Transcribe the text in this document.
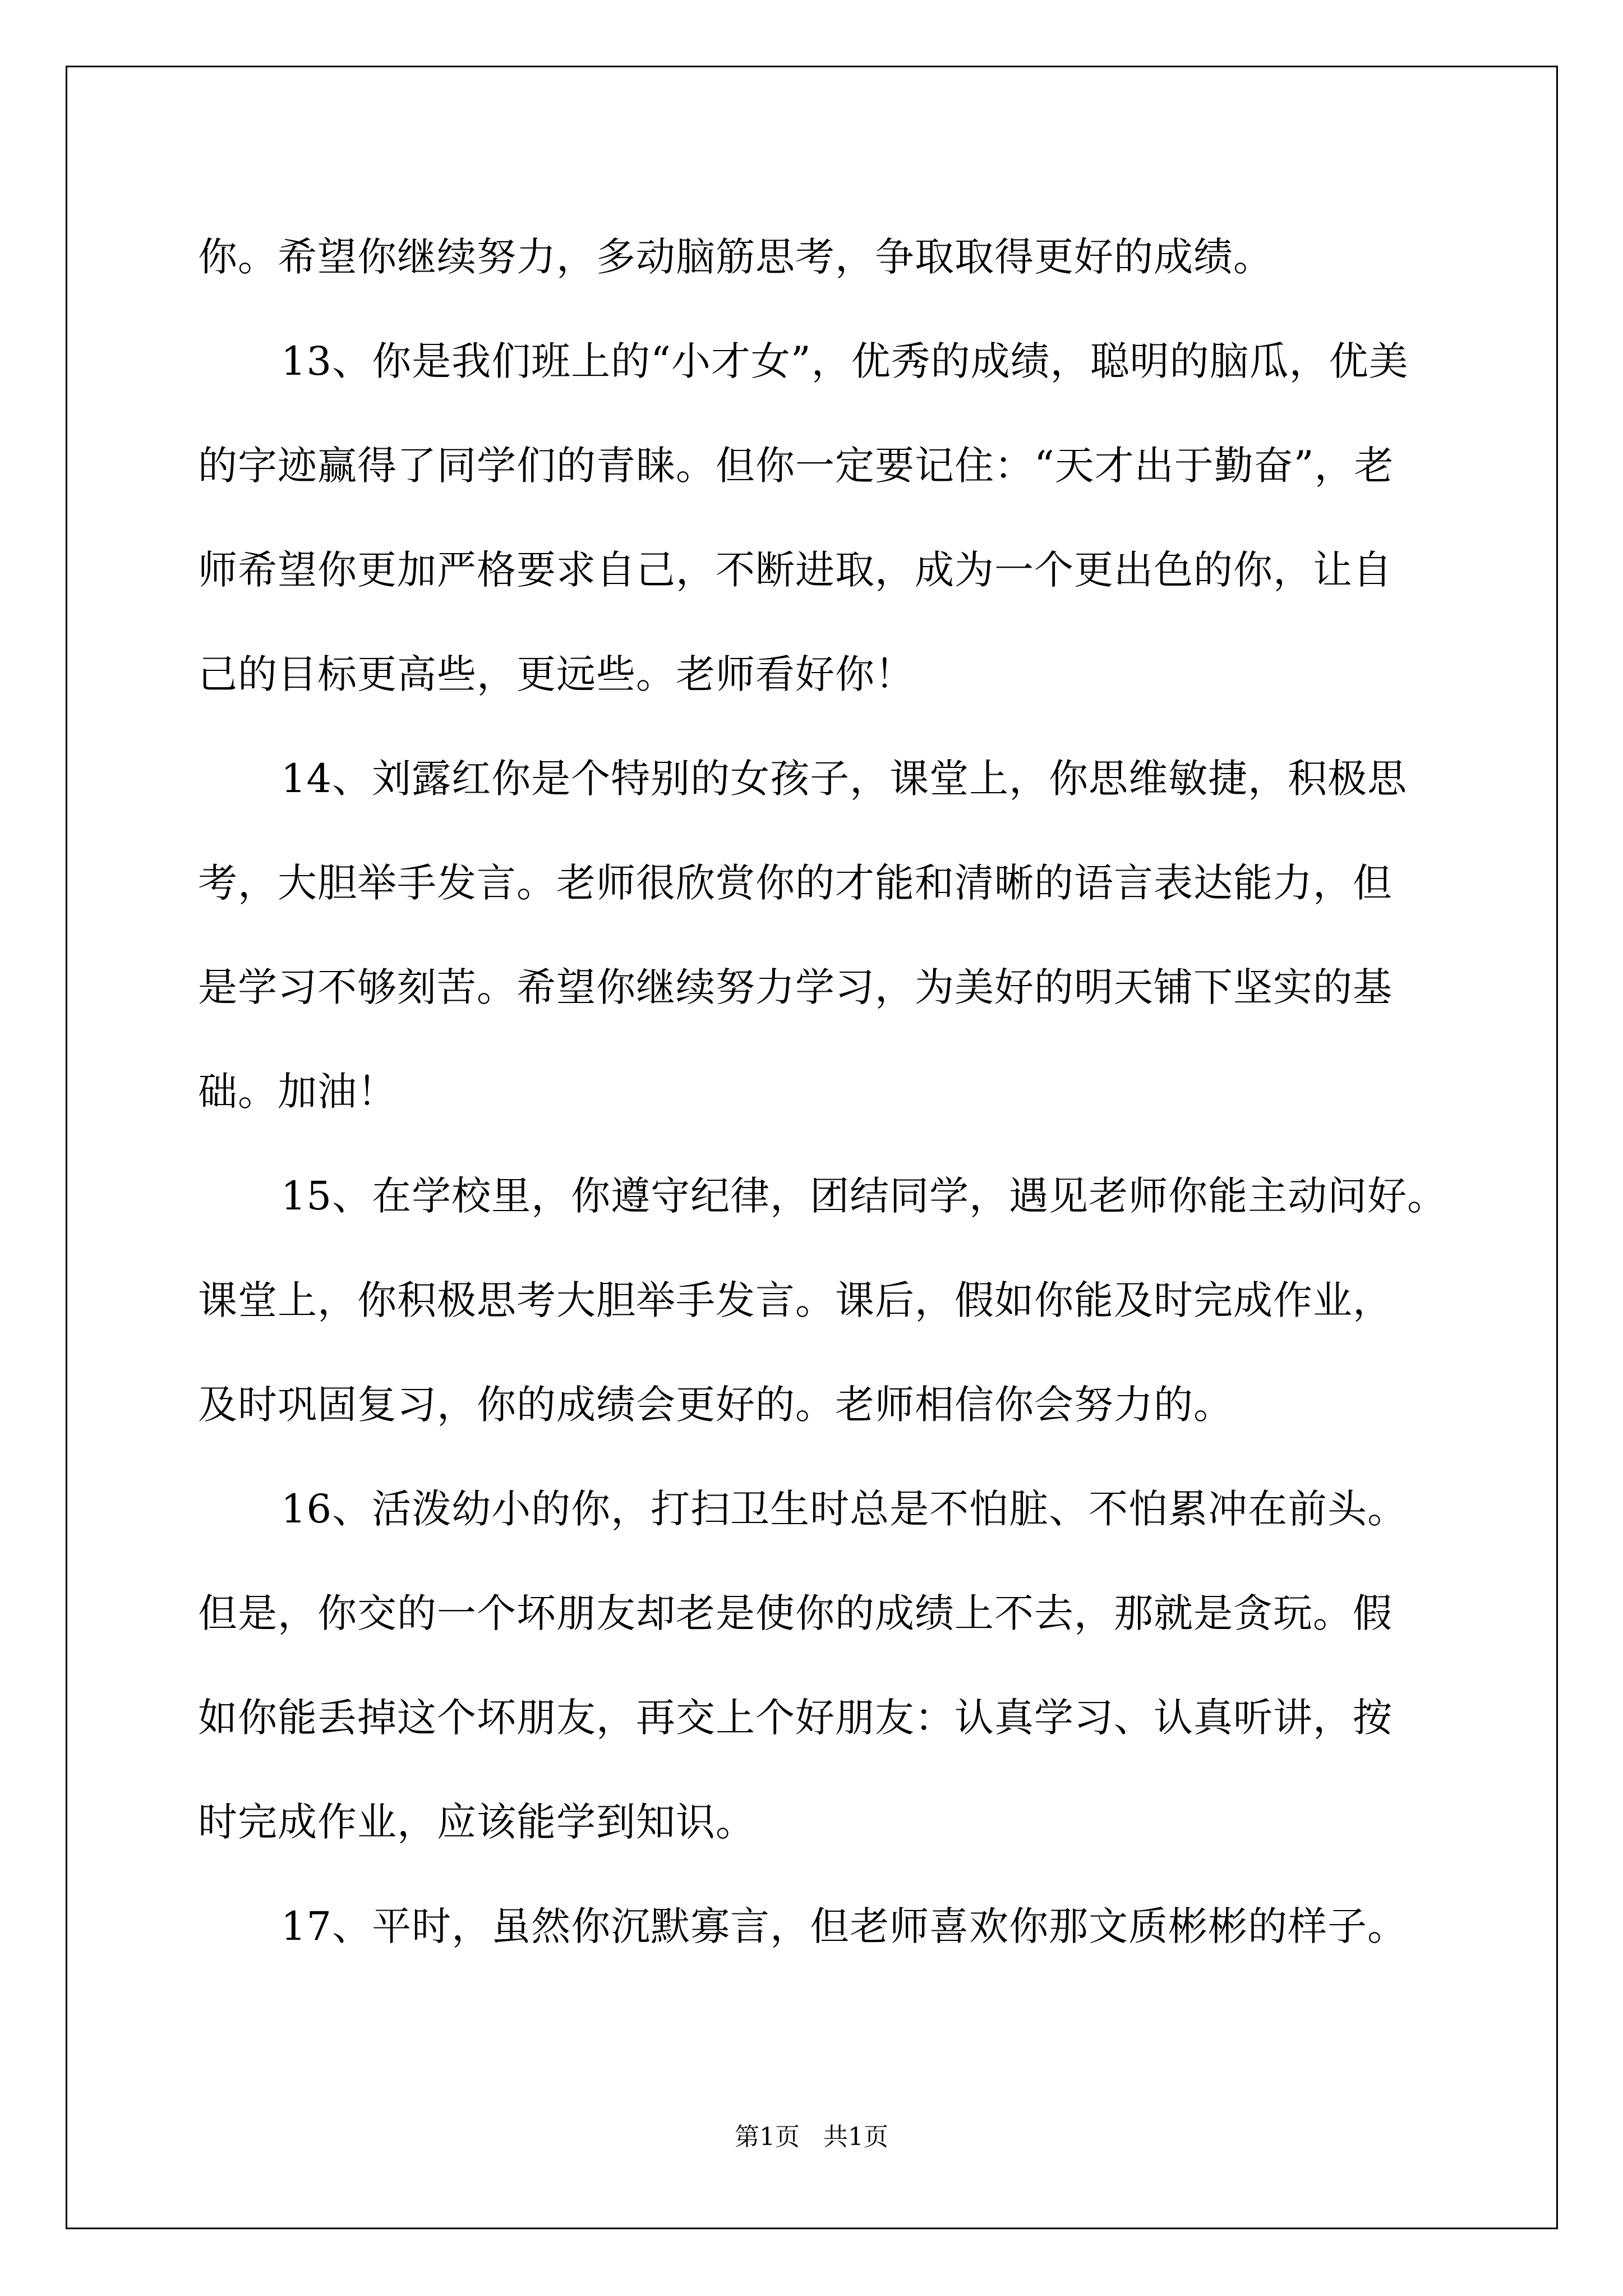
你。希望你继续努力，多动脑筋思考，争取取得更好的成绩。

13、你是我们班上的“小才女”，优秀的成绩，聪明的脑瓜，优美
的字迹赢得了同学们的青睐。但你一定要记住：“天才出于勤奋”，老
师希望你更加严格要求自己，不断进取，成为一个更出色的你，让自
己的目标更高些，更远些。老师看好你！

14、刘露红你是个特别的女孩子，课堂上，你思维敏捷，积极思
考，大胆举手发言。老师很欣赏你的才能和清晰的语言表达能力，但
是学习不够刻苦。希望你继续努力学习，为美好的明天铺下坚实的基
础。加油！

15、在学校里，你遵守纪律，团结同学，遇见老师你能主动问好。
课堂上，你积极思考大胆举手发言。课后，假如你能及时完成作业，
及时巩固复习，你的成绩会更好的。老师相信你会努力的。

16、活泼幼小的你，打扫卫生时总是不怕脏、不怕累冲在前头。
但是，你交的一个坏朋友却老是使你的成绩上不去，那就是贪玩。假
如你能丢掉这个坏朋友，再交上个好朋友：认真学习、认真听讲，按
时完成作业，应该能学到知识。

17、平时，虽然你沉默寡言，但老师喜欢你那文质彬彬的样子。

第1页   共1页
